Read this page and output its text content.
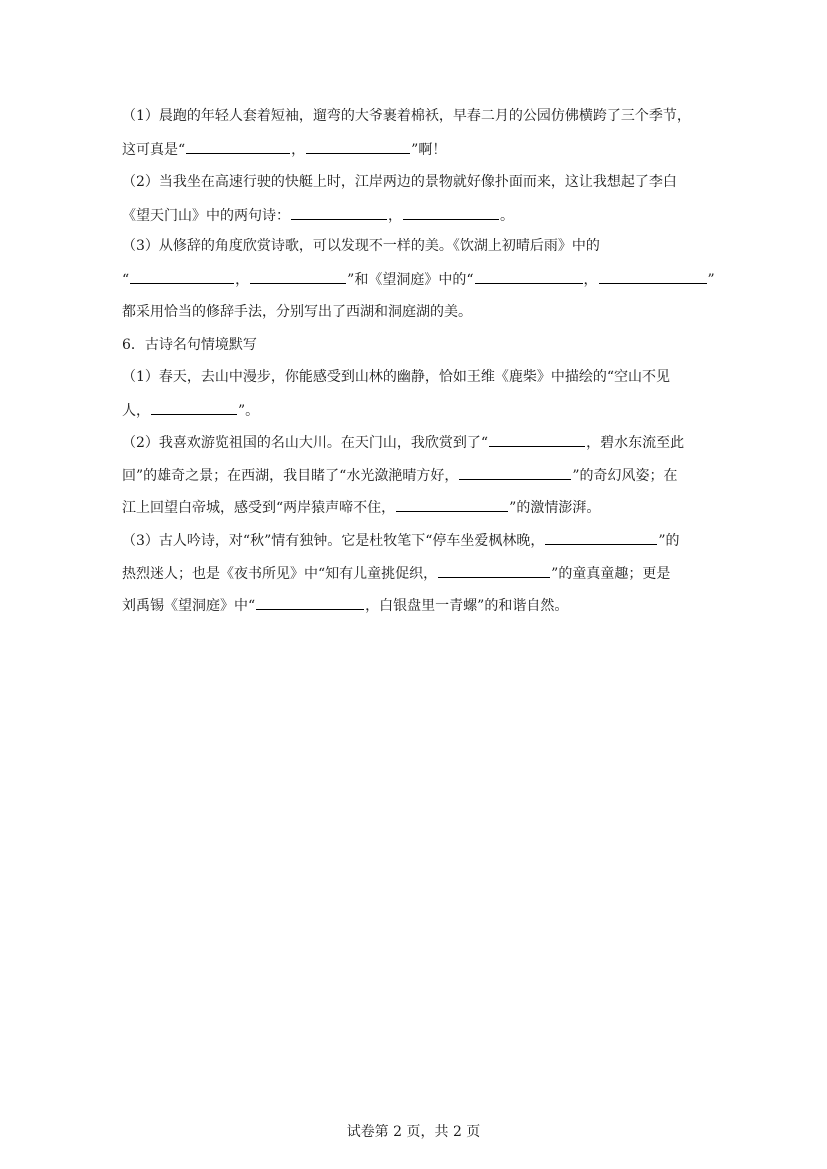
（1）晨跑的年轻人套着短袖，遛弯的大爷裹着棉袄，早春二月的公园仿佛横跨了三个季节，
这可真是“	，	”啊！
（2）当我坐在高速行驶的快艇上时，江岸两边的景物就好像扑面而来，这让我想起了李白
《望天门山》中的两句诗：	，	。
（3）从修辞的角度欣赏诗歌，可以发现不一样的美。《饮湖上初晴后雨》中的
“	，	”和《望洞庭》中的“	，	”
都采用恰当的修辞手法，分别写出了西湖和洞庭湖的美。
6．古诗名句情境默写
（1）春天，去山中漫步，你能感受到山林的幽静，恰如王维《鹿柴》中描绘的“空山不见
人，	”。
（2）我喜欢游览祖国的名山大川。在天门山，我欣赏到了“	，碧水东流至此
回”的雄奇之景；在西湖，我目睹了“水光潋滟晴方好，	”的奇幻风姿；在
江上回望白帝城，感受到“两岸猿声啼不住，	”的激情澎湃。
（3）古人吟诗，对“秋”情有独钟。它是杜牧笔下“停车坐爱枫林晚，	”的
热烈迷人；也是《夜书所见》中“知有儿童挑促织，	”的童真童趣；更是
刘禹锡《望洞庭》中“	，白银盘里一青螺”的和谐自然。
试卷第 2 页，共 2 页
